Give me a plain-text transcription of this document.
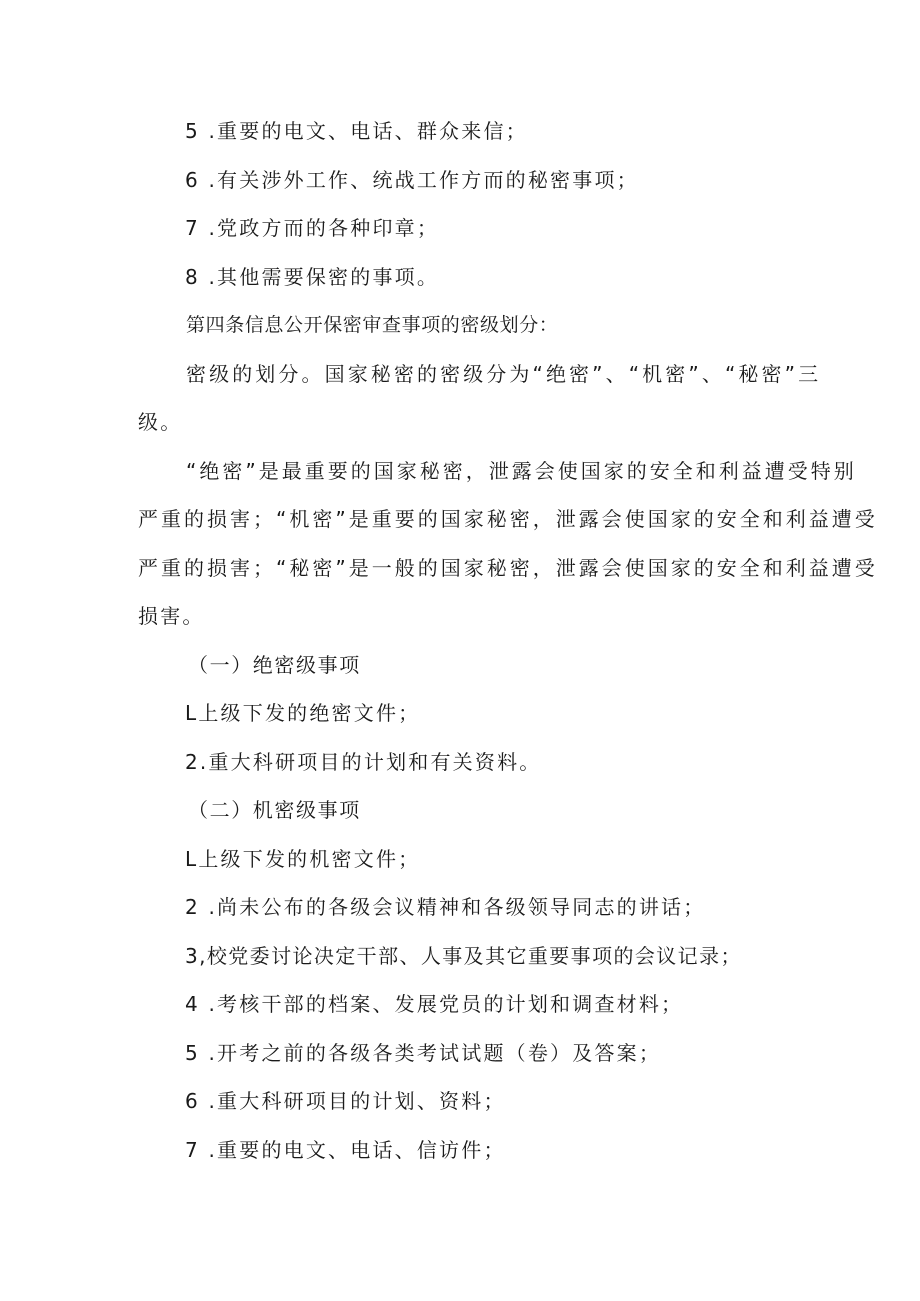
5 .重要的电文、电话、群众来信；
6 .有关涉外工作、统战工作方而的秘密事项；
7 .党政方而的各种印章；
8 .其他需要保密的事项。
第四条信息公开保密审查事项的密级划分：
密级的划分。国家秘密的密级分为“绝密”、“机密”、“秘密”三
级。
“绝密”是最重要的国家秘密，泄露会使国家的安全和利益遭受特别
严重的损害；“机密”是重要的国家秘密，泄露会使国家的安全和利益遭受
严重的损害；“秘密”是一般的国家秘密，泄露会使国家的安全和利益遭受
损害。
（一）绝密级事项
L上级下发的绝密文件；
2.重大科研项目的计划和有关资料。
（二）机密级事项
L上级下发的机密文件；
2 .尚未公布的各级会议精神和各级领导同志的讲话；
3,校党委讨论决定干部、人事及其它重要事项的会议记录；
4 .考核干部的档案、发展党员的计划和调查材料；
5 .开考之前的各级各类考试试题（卷）及答案；
6 .重大科研项目的计划、资料；
7 .重要的电文、电话、信访件；
